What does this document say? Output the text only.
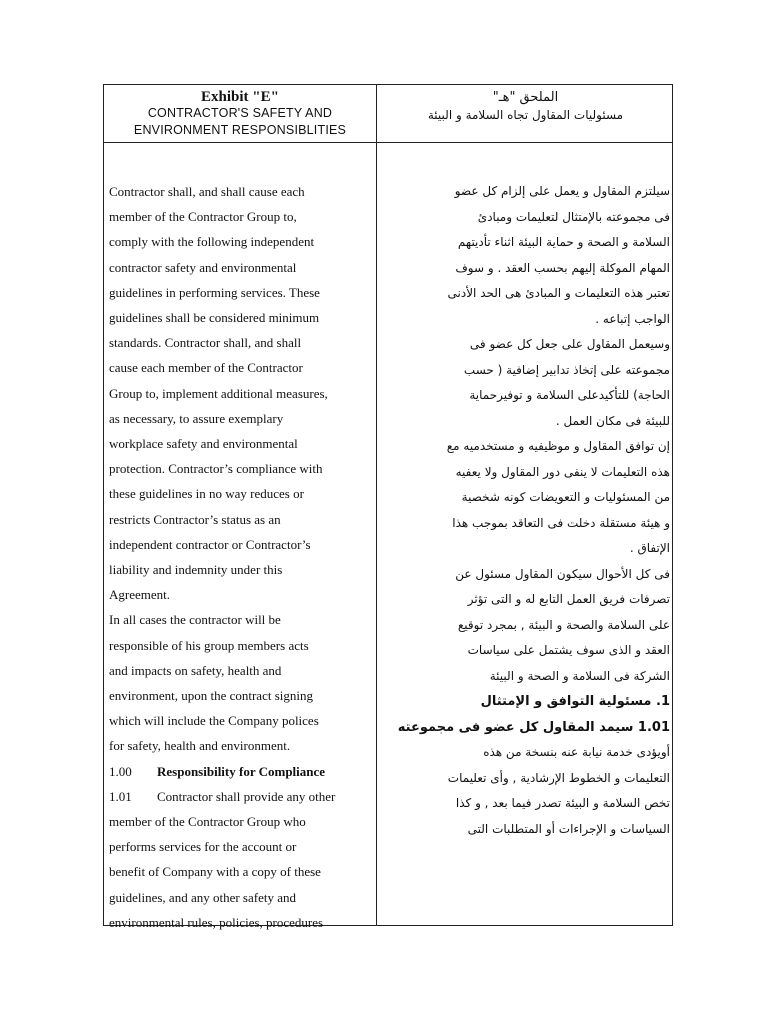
Exhibit "E"
CONTRACTOR'S SAFETY AND
ENVIRONMENT RESPONSIBLITIES
الملحق "هـ"
مسئوليات المقاول تجاه السلامة و البيئة

Contractor shall, and shall cause each

member of the Contractor Group to,

comply with the following independent

contractor safety and environmental

guidelines in performing services. These

guidelines shall be considered minimum

standards. Contractor shall, and shall

cause each member of the Contractor

Group to, implement additional measures,

as necessary, to assure exemplary

workplace safety and environmental

protection. Contractor’s compliance with

these guidelines in no way reduces or

restricts Contractor’s status as an

independent contractor or Contractor’s

liability and indemnity under this

Agreement.

In all cases the contractor will be

responsible of his group members acts

and impacts on safety, health and

environment, upon the contract signing

which will include the Company polices

for safety, health and environment.

1.00 Responsibility for Compliance
1.01 Contractor shall provide any other

member of the Contractor Group who

performs services for the account or

benefit of Company with a copy of these

guidelines, and any other safety and

environmental rules, policies, procedures

سيلتزم المقاول و يعمل على إلزام كل عضو

فى مجموعته بالإمتثال لتعليمات ومبادئ

السلامة و الصحة و حماية البيئة اثناء تأديتهم

المهام الموكلة إليهم بحسب العقد . و سوف

تعتبر هذه التعليمات و المبادئ هى الحد الأدنى

الواجب إتباعه .

وسيعمل المقاول على جعل كل عضو فى

مجموعته على إتخاذ تدابير إضافية ( حسب

الحاجة) للتأكيدعلى السلامة و توفيرحماية

للبيئة فى مكان العمل .

إن توافق المقاول و موظيفيه و مستخدميه مع

هذه التعليمات لا ينفى دور المقاول ولا يعفيه

من المسئوليات و التعويضات كونه شخصية

و هيئة مستقلة دخلت فى التعاقد بموجب هذا

الإتفاق .

فى كل الأحوال سيكون المقاول مسئول عن

تصرفات فريق العمل التابع له و التى تؤثر

على السلامة والصحة و البيئة , بمجرد توقيع

العقد و الذى سوف يشتمل على سياسات

الشركة فى السلامة و الصحة و البيئة

1. مسئولية التوافق و الإمتثال

1.01 سيمد المقاول كل عضو فى مجموعته

أويؤدى خدمة نيابة عنه بنسخة من هذه

التعليمات و الخطوط الإرشادية , وأى تعليمات

تخص السلامة و البيئة تصدر فيما بعد , و كذا

السياسات و الإجراءات أو المتطلبات التى
